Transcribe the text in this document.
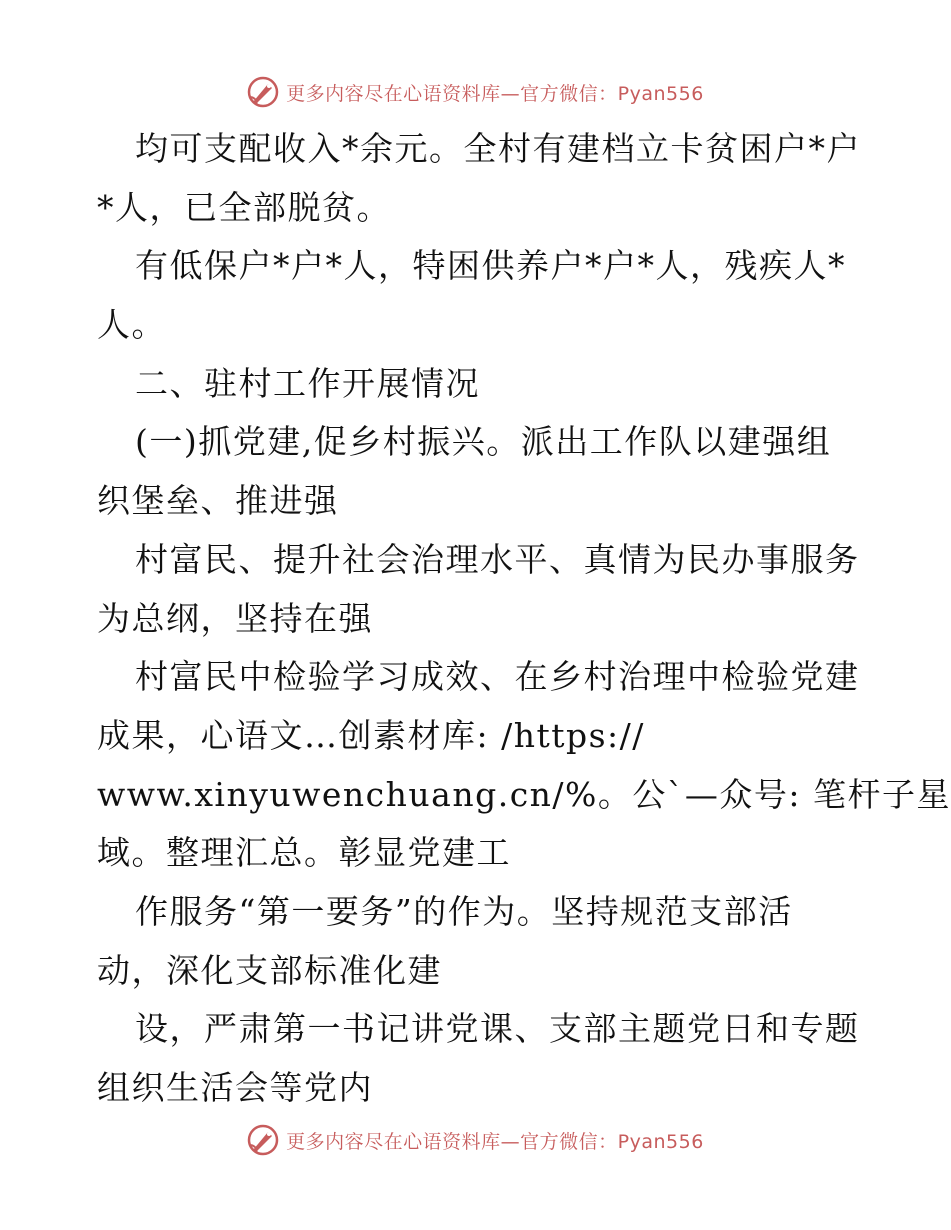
更多内容尽在心语资料库—官方微信：Pyan556
均可支配收入*余元。全村有建档立卡贫困户*户
*人，已全部脱贫。
有低保户*户*人，特困供养户*户*人，残疾人*
人。
二、驻村工作开展情况
(一)抓党建,促乡村振兴。派出工作队以建强组
织堡垒、推进强
村富民、提升社会治理水平、真情为民办事服务
为总纲，坚持在强
村富民中检验学习成效、在乡村治理中检验党建
成果，心语文…创素材库: /https://
www.xinyuwenchuang.cn/%。公`—众号: 笔杆子星
域。整理汇总。彰显党建工
作服务“第一要务”的作为。坚持规范支部活
动，深化支部标准化建
设，严肃第一书记讲党课、支部主题党日和专题
组织生活会等党内
更多内容尽在心语资料库—官方微信：Pyan556
